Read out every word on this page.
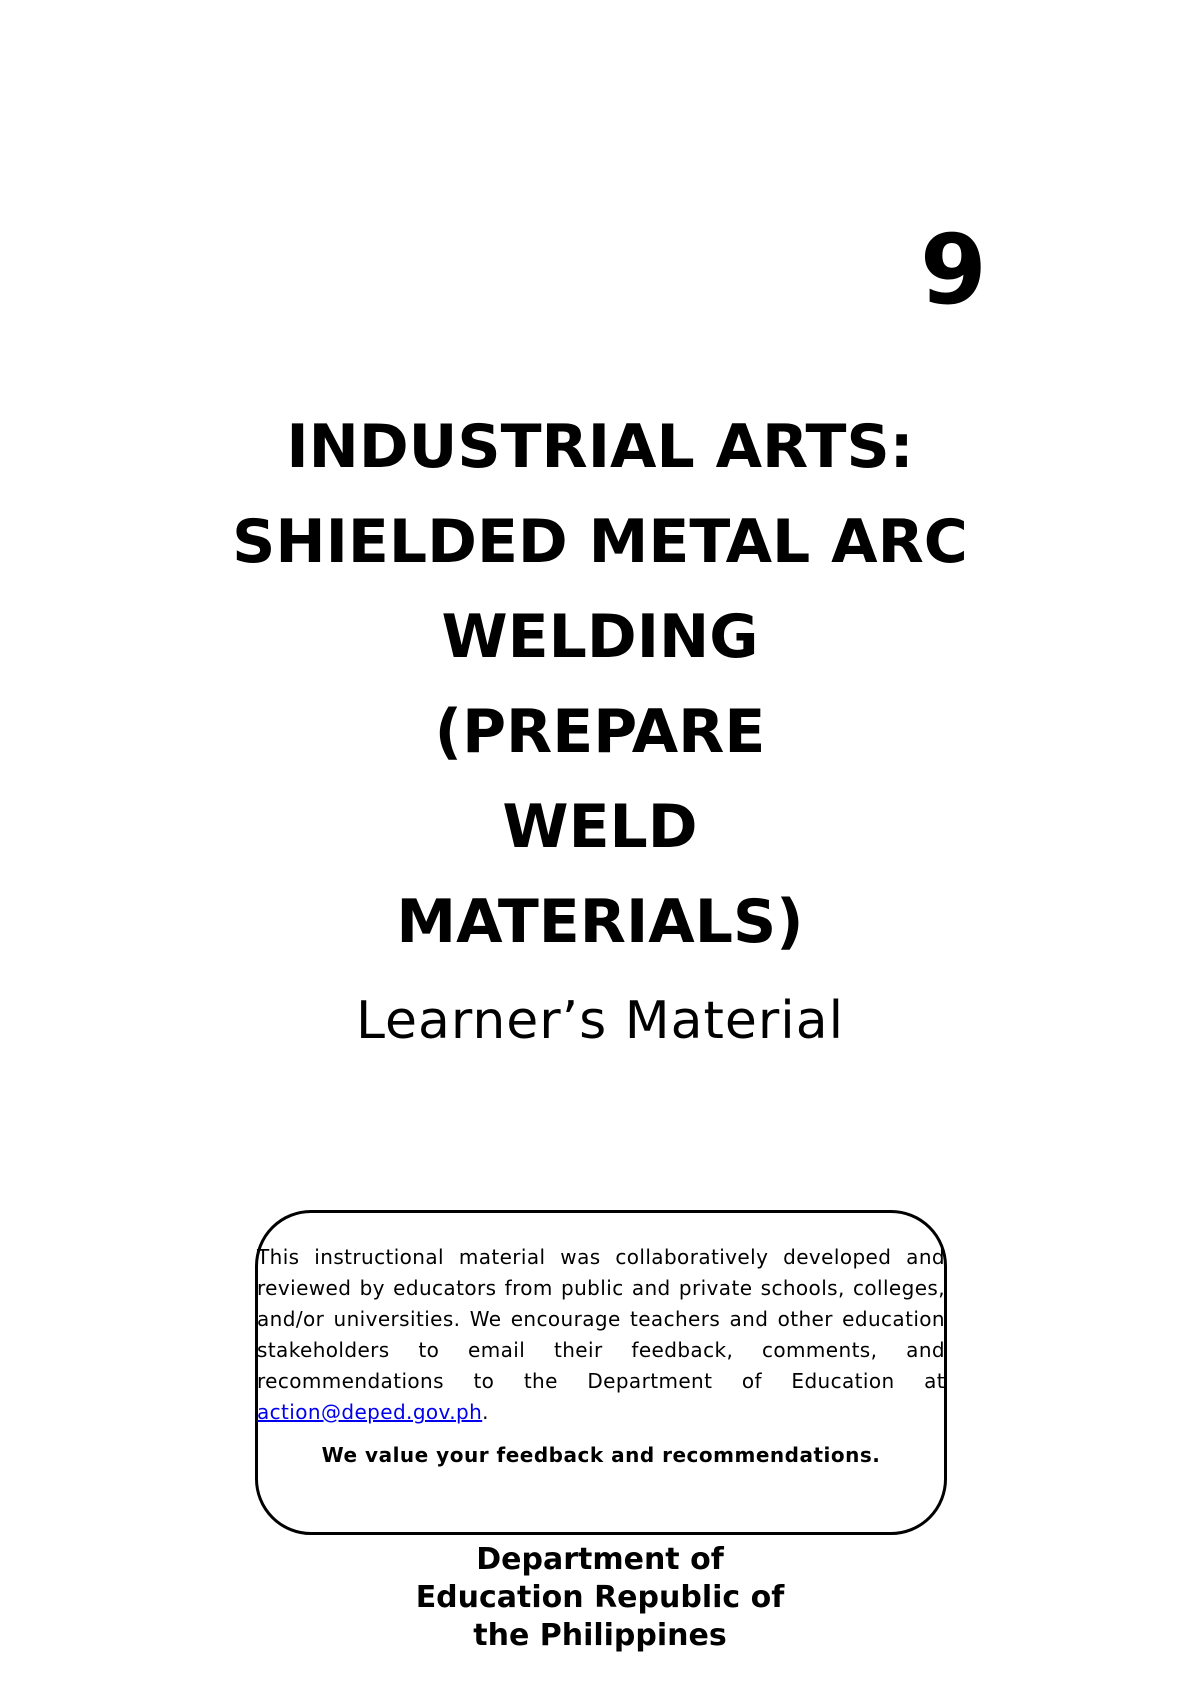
9
INDUSTRIAL ARTS:
SHIELDED METAL ARC
WELDING
(PREPARE
WELD
MATERIALS)
Learner’s Material
This instructional material was collaboratively developed and reviewed by educators from public and private schools, colleges, and/or universities. We encourage teachers and other education stakeholders to email their feedback, comments, and recommendations to the Department of Education at action@deped.gov.ph.
We value your feedback and recommendations.
Department of
Education Republic of
the Philippines
